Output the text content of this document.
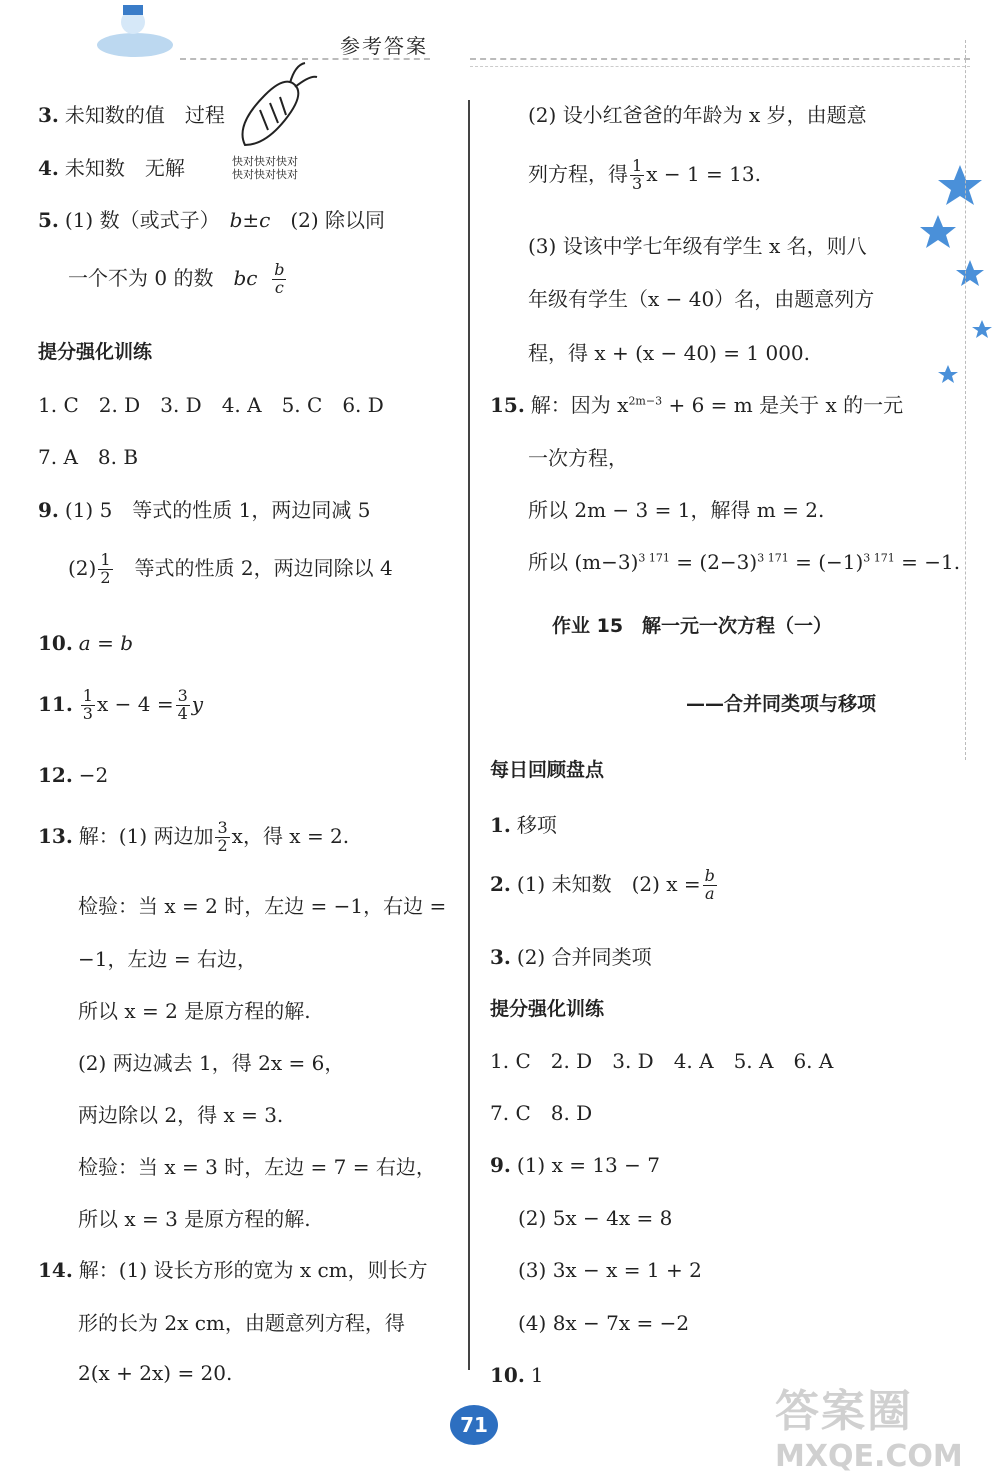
参考答案
快对快对快对
快对快对快对
3. 未知数的值　过程
4. 未知数　无解
5. (1) 数（或式子）　b±c　(2) 除以同
一个不为 0 的数　bc $\frac{b}{c}$
提分强化训练
1. C　2. D　3. D　4. A　5. C　6. D
7. A　8. B
9. (1) 5　等式的性质 1，两边同减 5
$(2) \frac{1}{2}$ 　等式的性质 2，两边同除以 4
10. a = b
11. $\frac{1}{3}$ $x - 4 = \frac{3}{4}$ y
12. −2
13. 解：(1) 两边加 $\frac{3}{2}$ x，得 x = 2.
检验：当 x = 2 时，左边 = −1，右边 =
−1，左边 = 右边，
所以 x = 2 是原方程的解.
(2) 两边减去 1，得 2x = 6，
两边除以 2，得 x = 3.
检验：当 x = 3 时，左边 = 7 = 右边，
所以 x = 3 是原方程的解.
14. 解：(1) 设长方形的宽为 x cm，则长方
形的长为 2x cm，由题意列方程，得
2(x + 2x) = 20.
(2) 设小红爸爸的年龄为 x 岁，由题意
列方程，得 $\frac{1}{3}$ x − 1 = 13.
(3) 设该中学七年级有学生 x 名，则八
年级有学生（x − 40）名，由题意列方
程，得 x + (x − 40) = 1 000.
15. 解：因为 $x^{2m-3} + 6 = m$ 是关于 x 的一元
一次方程，
所以 2m − 3 = 1，解得 m = 2.
所以 $(m-3)^{3 171} = (2-3)^{3 171} = (-1)^{3 171} = -1$.
作业 15　解一元一次方程（一）
——合并同类项与移项
每日回顾盘点
1. 移项
2. (1) 未知数　(2) $x = \frac{b}{a}$
3. (2) 合并同类项
提分强化训练
1. C　2. D　3. D　4. A　5. A　6. A
7. C　8. D
9. (1) x = 13 − 7
(2) 5x − 4x = 8
(3) 3x − x = 1 + 2
(4) 8x − 7x = −2
10. 1
71	答案圈
MXQE.COM
